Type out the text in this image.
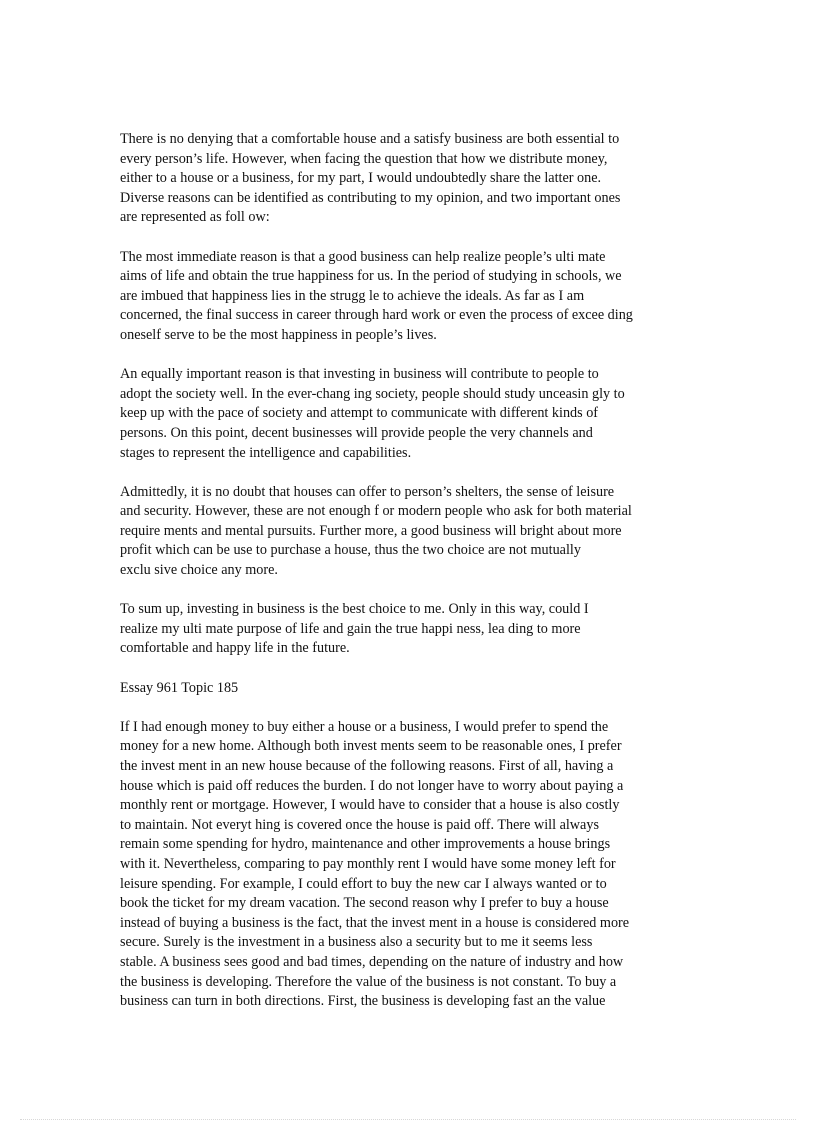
There is no denying that a comfortable house and a satisfy business are both essential to
every person’s life. However, when facing the question that how we distribute money,
either to a house or a business, for my part, I would undoubtedly share the latter one.
Diverse reasons can be identified as contributing to my opinion, and two important ones
are represented as foll ow:
The most immediate reason is that a good business can help realize people’s ulti mate
aims of life and obtain the true happiness for us. In the period of studying in schools, we
are imbued that happiness lies in the strugg le to achieve the ideals. As far as I am
concerned, the final success in career through hard work or even the process of excee ding
oneself serve to be the most happiness in people’s lives.
An equally important reason is that investing in business will contribute to people to
adopt the society well. In the ever-chang ing society, people should study unceasin gly to
keep up with the pace of society and attempt to communicate with different kinds of
persons. On this point, decent businesses will provide people the very channels and
stages to represent the intelligence and capabilities.
Admittedly, it is no doubt that houses can offer to person’s shelters, the sense of leisure
and security. However, these are not enough f or modern people who ask for both material
require ments and mental pursuits. Further more, a good business will bright about more
profit which can be use to purchase a house, thus the two choice are not mutually
exclu sive choice any more.
To sum up, investing in business is the best choice to me. Only in this way, could I
realize my ulti mate purpose of life and gain the true happi ness, lea ding to more
comfortable and happy life in the future.
Essay 961 Topic 185
If I had enough money to buy either a house or a business, I would prefer to spend the
money for a new home. Although both invest ments seem to be reasonable ones, I prefer
the invest ment in an new house because of the following reasons. First of all, having a
house which is paid off reduces the burden. I do not longer have to worry about paying a
monthly rent or mortgage. However, I would have to consider that a house is also costly
to maintain. Not everyt hing is covered once the house is paid off. There will always
remain some spending for hydro, maintenance and other improvements a house brings
with it. Nevertheless, comparing to pay monthly rent I would have some money left for
leisure spending. For example, I could effort to buy the new car I always wanted or to
book the ticket for my dream vacation. The second reason why I prefer to buy a house
instead of buying a business is the fact, that the invest ment in a house is considered more
secure. Surely is the investment in a business also a security but to me it seems less
stable. A business sees good and bad times, depending on the nature of industry and how
the business is developing. Therefore the value of the business is not constant. To buy a
business can turn in both directions. First, the business is developing fast an the value
